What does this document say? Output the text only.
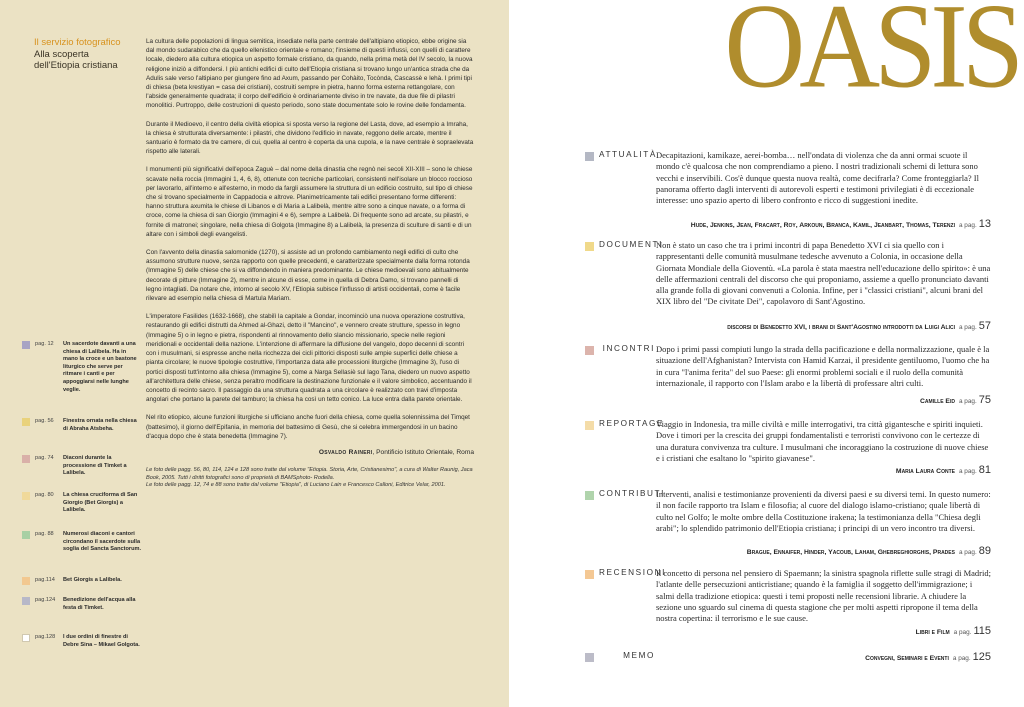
Il servizio fotografico
Alla scoperta
dell'Etiopia cristiana

La cultura delle popolazioni di lingua semitica, insediate nella parte centrale dell'altipiano etiopico, ebbe origine sia dal mondo sudarabico che da quello ellenistico orientale e romano; l'insieme di questi influssi, con quelli di carattere locale, diedero alla cultura etiopica un aspetto formale cristiano, da quando, nella prima metà del IV secolo, la nuova religione iniziò a diffondersi. I più antichi edifici di culto dell'Etiopia cristiana si trovano lungo un'antica strada che da Adulis sale verso l'altipiano per giungere fino ad Axum, passando per Cohàito, Tocònda, Cascassè e lehà. I primi tipi di chiesa (beta krestiyan = casa dei cristiani), costruiti sempre in pietra, hanno forma esterna rettangolare, con l'abside generalmente quadrata; il corpo dell'edificio è ordinariamente diviso in tre navate, da due file di pilastri monolitici. Purtroppo, delle costruzioni di questo periodo, sono state documentate solo le rovine delle fondamenta.

Durante il Medioevo, il centro della civiltà etiopica si sposta verso la regione del Lasta, dove, ad esempio a Imraha, la chiesa è strutturata diversamente: i pilastri, che dividono l'edificio in navate, reggono delle arcate, mentre il santuario è formato da tre camere, di cui, quella al centro è coperta da una cupola, e la nave centrale è sopraelevata rispetto alle laterali.

I monumenti più significativi dell'epoca Zaguè – dal nome della dinastia che regnò nei secoli XII-XIII – sono le chiese scavate nella roccia (Immagini 1, 4, 6, 8), ottenute con tecniche particolari, consistenti nell'isolare un blocco roccioso per lavorarlo, all'interno e all'esterno, in modo da fargli assumere la struttura di un edificio costruito, sul tipo di chiese che si trovano specialmente in Cappadocia e altrove. Planimetricamente tali edifici presentano forme differenti: hanno struttura axumita le chiese di Libanos e di Maria a Lalibelà, mentre altre sono a cinque navate, o a forma di croce, come la chiesa di san Giorgio (Immagini 4 e 6), sempre a Lalibelà. Di frequente sono ad arcate, su pilastri, e fornite di matronei; singolare, nella chiesa di Golgota (Immagine 8) a Lalibelà, la presenza di sculture di santi e di un altare con i simboli degli evangelisti.

Con l'avvento della dinastia salomonide (1270), si assiste ad un profondo cambiamento negli edifici di culto che assumono strutture nuove, senza rapporto con quelle precedenti, e caratterizzate specialmente dalla forma rotonda (Immagine 5) delle chiese che si va diffondendo in maniera predominante. Le chiese medioevali sono abitualmente decorate di pitture (Immagine 2), mentre in alcune di esse, come in quella di Debra Damo, si trovano pannelli di legno intagliati. Da notare che, intorno al secolo XV, l'Etiopia subisce l'influsso di artisti occidentali, come è facile rilevare ad esempio nella chiesa di Martula Mariam.

L'imperatore Fasilides (1632-1668), che stabilì la capitale a Gondar, incominciò una nuova operazione costruttiva, restaurando gli edifici distrutti da Ahmed al-Ghazi, detto il "Mancino", e vennero create strutture, spesso in legno (Immagine 5) o in legno e pietra, rispondenti al rinnovamento dello slancio missionario, specie nelle regioni meridionali e occidentali della nazione. L'intenzione di affermare la diffusione del vangelo, dopo decenni di scontri con i musulmani, si espresse anche nella ricchezza dei cicli pittorici disposti sulle ampie superfici delle chiese a pianta circolare; le nuove tipologie costruttive, l'importanza data alle processioni liturgiche (Immagine 3), l'uso di portici disposti tutt'intorno alla chiesa (Immagine 5), come a Narga Sellasiè sul lago Tana, diedero un nuovo aspetto all'architettura delle chiese, senza peraltro modificare la destinazione funzionale e il valore simbolico, accentuando il concetto di recinto sacro. Il passaggio da una struttura quadrata a una circolare è realizzato con travi d'imposta angolari che portano la parete del tamburo; la chiesa ha così un tetto conico. La luce entra dalla parete orientale.

Nel rito etiopico, alcune funzioni liturgiche si ufficiano anche fuori della chiesa, come quella solennissima del Timqet (battesimo), il giorno dell'Epifania, in memoria del battesimo di Gesù, che si celebra immergendosi in un bacino d'acqua dopo che è stata benedetta (Immagine 7).

Osvaldo Raineri, Pontificio Istituto Orientale, Roma
Le foto delle pagg. 56, 80, 114, 124 e 128 sono tratte dal volume "Etiopia. Storia, Arte, Cristianesimo", a cura di Walter Raunig, Jaca Book, 2005. Tutti i diritti fotografici sono di proprietà di BAMSphoto- Rodella.
Le foto delle pagg. 12, 74 e 88 sono tratte dal volume "Etiopia", di Luciano Lain e Francesco Calloni, Editrice Velar, 2001.
pag. 12	Un sacerdote davanti a una chiesa di Lalibela. Ha in mano la croce e un bastone liturgico che serve per ritmare i canti e per appoggiarsi nelle lunghe veglie.
pag. 56	Finestra ornata nella chiesa di Abraha Atsbeha.
pag. 74	Diaconi durante la processione di Timket a Lalibela.
pag. 80	La chiesa cruciforma di San Giorgio (Bet Giorgis) a Lalibela.
pag. 88	Numerosi diaconi e cantori circondano il sacerdote sulla soglia del Sancta Sanctorum.
pag.114	Bet Giorgis a Lalibela.
pag.124	Benedizione dell'acqua alla festa di Timket.
pag.128	I due ordini di finestre di Debre Sina – Mikael Golgota.
OASIS
ATTUALITÀ Decapitazioni, kamikaze, aerei-bomba… nell'ondata di violenza che da anni ormai scuote il mondo c'è qualcosa che non comprendiamo a pieno. I nostri tradizionali schemi di lettura sono vecchi e inservibili. Cos'è dunque questa nuova realtà, come decifrarla? Come fronteggiarla? Il panorama offerto dagli interventi di autorevoli esperti e testimoni privilegiati è di eccezionale interesse: uno spazio aperto di libero confronto e ricco di suggestioni inedite.
Hude, Jenkins, Jean, Fracart, Roy, Arkoun, Branca, Kamil, Jeanbart, Thomas, Terenzi a pag. 13
DOCUMENTI
Non è stato un caso che tra i primi incontri di papa Benedetto XVI ci sia quello con i rappresentanti delle comunità musulmane tedesche avvenuto a Colonia, in occasione della Giornata Mondiale della Gioventù. «La parola è stata maestra nell'educazione dello spirito»: è una delle affermazioni centrali del discorso che qui proponiamo, assieme a quello pronunciato davanti alla grande folla di giovani convenuti a Colonia. Infine, per i "classici cristiani", alcuni brani del XIX libro del "De civitate Dei", capolavoro di Sant'Agostino.
discorsi di Benedetto XVI, i brani di Sant'Agostino introdotti da Luigi Alici a pag. 57
INCONTRI Dopo i primi passi compiuti lungo la strada della pacificazione e della normalizzazione, quale è la situazione dell'Afghanistan? Intervista con Hamid Karzai, il presidente gentiluomo, l'uomo che ha in cura "l'anima ferita" del suo Paese: gli enormi problemi sociali e il ruolo della comunità internazionale, il rapporto con l'Islam arabo e la libertà di professare altri culti.
Camille Eid a pag. 75
REPORTAGE
Viaggio in Indonesia, tra mille civiltà e mille interrogativi, tra città gigantesche e spiriti inquieti. Dove i timori per la crescita dei gruppi fondamentalisti e terroristi convivono con le certezze di una duratura convivenza tra culture. I musulmani che incoraggiano la costruzione di nuove chiese e i cristiani che esaltano lo "spirito giavanese".
Maria Laura Conte a pag. 81
CONTRIBUTI
Interventi, analisi e testimonianze provenienti da diversi paesi e su diversi temi. In questo numero: il non facile rapporto tra Islam e filosofia; al cuore del dialogo islamo-cristiano; quale libertà di culto nel Golfo; le molte ombre della Costituzione irakena; la testimonianza della "Chiesa degli arabi"; lo splendido patrimonio dell'Etiopia cristiana; i principi di un vero incontro tra diversi.
Brague, Ennaifer, Hinder, Yacoub, Laham, Ghebreghiorghis, Prades a pag. 89
RECENSIONI
Il concetto di persona nel pensiero di Spaemann; la sinistra spagnola riflette sulle stragi di Madrid; l'atlante delle persecuzioni anticristiane; quando è la famiglia il soggetto dell'immigrazione; i salmi della tradizione etiopica: questi i temi proposti nelle recensioni librarie. A chiudere la sezione uno sguardo sul cinema di questa stagione che per molti aspetti ripropone il tema della nostra copertina: il terrorismo e le sue cause.
Libri e Film a pag. 115
MEMO	Convegni, Seminari e Eventi a pag. 125
